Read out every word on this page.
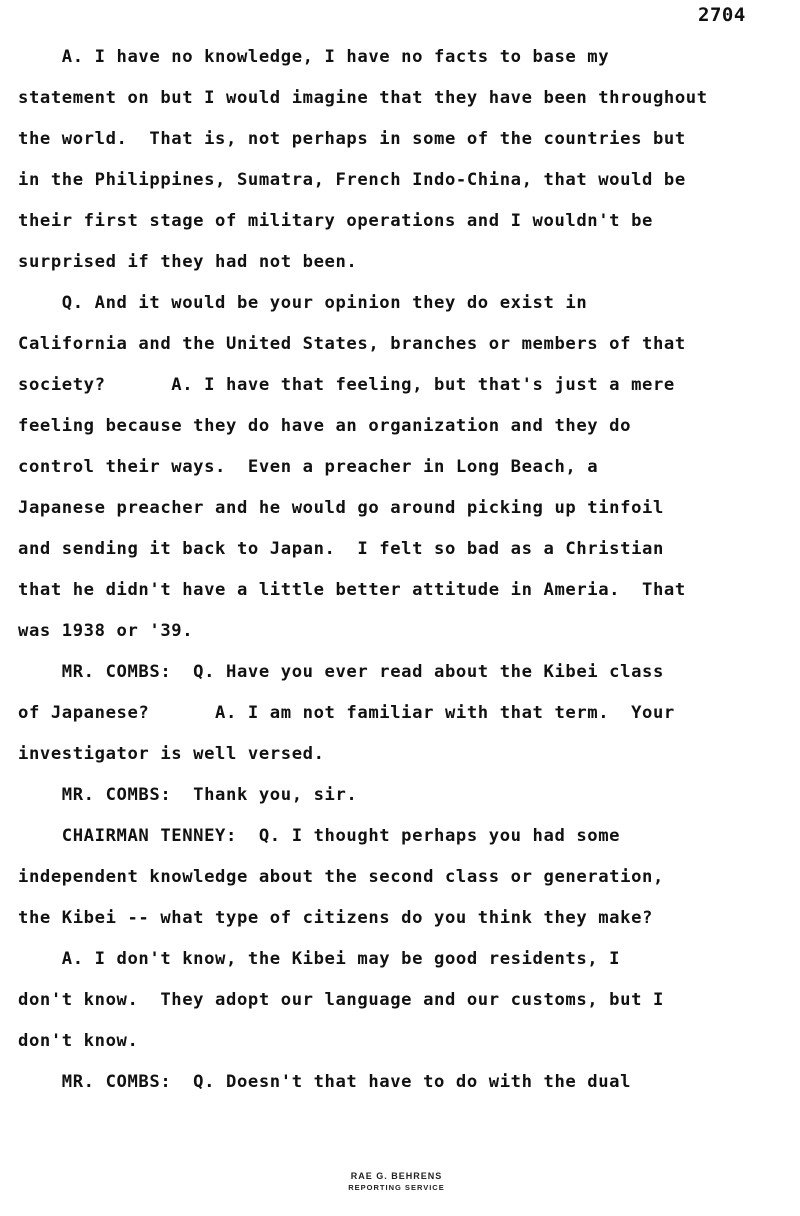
2704
A. I have no knowledge, I have no facts to base my
statement on but I would imagine that they have been throughout
the world.  That is, not perhaps in some of the countries but
in the Philippines, Sumatra, French Indo-China, that would be
their first stage of military operations and I wouldn't be
surprised if they had not been.
Q. And it would be your opinion they do exist in
California and the United States, branches or members of that
society?      A. I have that feeling, but that's just a mere
feeling because they do have an organization and they do
control their ways.  Even a preacher in Long Beach, a
Japanese preacher and he would go around picking up tinfoil
and sending it back to Japan.  I felt so bad as a Christian
that he didn't have a little better attitude in Ameria.  That
was 1938 or '39.
MR. COMBS:  Q. Have you ever read about the Kibei class
of Japanese?      A. I am not familiar with that term.  Your
investigator is well versed.
MR. COMBS:  Thank you, sir.
CHAIRMAN TENNEY:  Q. I thought perhaps you had some
independent knowledge about the second class or generation,
the Kibei -- what type of citizens do you think they make?
A. I don't know, the Kibei may be good residents, I
don't know.  They adopt our language and our customs, but I
don't know.
MR. COMBS:  Q. Doesn't that have to do with the dual
RAE G. BEHRENS
REPORTING SERVICE
